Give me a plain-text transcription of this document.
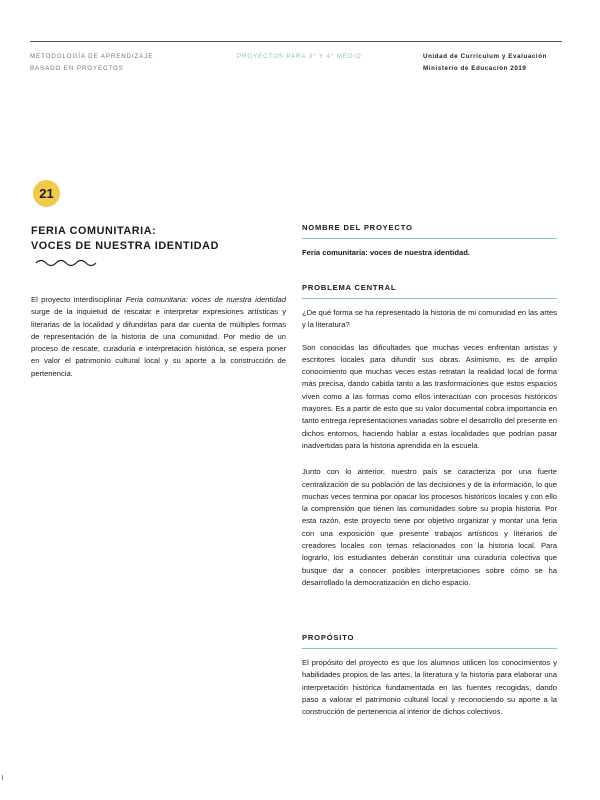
METODOLOGÍA DE APRENDIZAJE
BASADO EN PROYECTOS
PROYECTOS PARA 3° Y 4° MEDIO	Unidad de Currículum y Evaluación
Ministerio de Educación 2019
21
FERIA COMUNITARIA:
VOCES DE NUESTRA IDENTIDAD
El proyecto interdisciplinar Feria comunitaria: voces de nuestra identidad surge de la inquietud de rescatar e interpretar expresiones artísticas y literarias de la localidad y difundirlas para dar cuenta de múltiples formas de representación de la historia de una comunidad. Por medio de un proceso de rescate, curaduría e interpretación histórica, se espera poner en valor el patrimonio cultural local y su aporte a la construcción de pertenencia.
NOMBRE DEL PROYECTO
Feria comunitaria: voces de nuestra identidad.
PROBLEMA CENTRAL

¿De qué forma se ha representado la historia de mi comunidad en las artes y la literatura?

Son conocidas las dificultades que muchas veces enfrentan artistas y escritores locales para difundir sus obras. Asimismo, es de amplio conocimiento que muchas veces estas retratan la realidad local de forma más precisa, dando cabida tanto a las trasformaciones que estos espacios viven como a las formas como ellos interactúan con procesos históricos mayores. Es a partir de esto que su valor documental cobra importancia en tanto entrega representaciones variadas sobre el desarrollo del presente en dichos entornos, haciendo hablar a estas localidades que podrían pasar inadvertidas para la historia aprendida en la escuela.

Junto con lo anterior, nuestro país se caracteriza por una fuerte centralización de su población de las decisiones y de la información, lo que muchas veces termina por opacar los procesos históricos locales y con ello la comprensión que tienen las comunidades sobre su propia historia. Por esta razón, este proyecto tiene por objetivo organizar y montar una feria con una exposición que presente trabajos artísticos y literarios de creadores locales con temas relacionados con la historia local. Para lograrlo, los estudiantes deberán constituir una curaduría colectiva que busque dar a conocer posibles interpretaciones sobre cómo se ha desarrollado la democratización en dicho espacio.

PROPÓSITO
El propósito del proyecto es que los alumnos utilicen los conocimientos y habilidades propios de las artes, la literatura y la historia para elaborar una interpretación histórica fundamentada en las fuentes recogidas, dando paso a valorar el patrimonio cultural local y reconociendo su aporte a la construcción de pertenencia al interior de dichos colectivos.
